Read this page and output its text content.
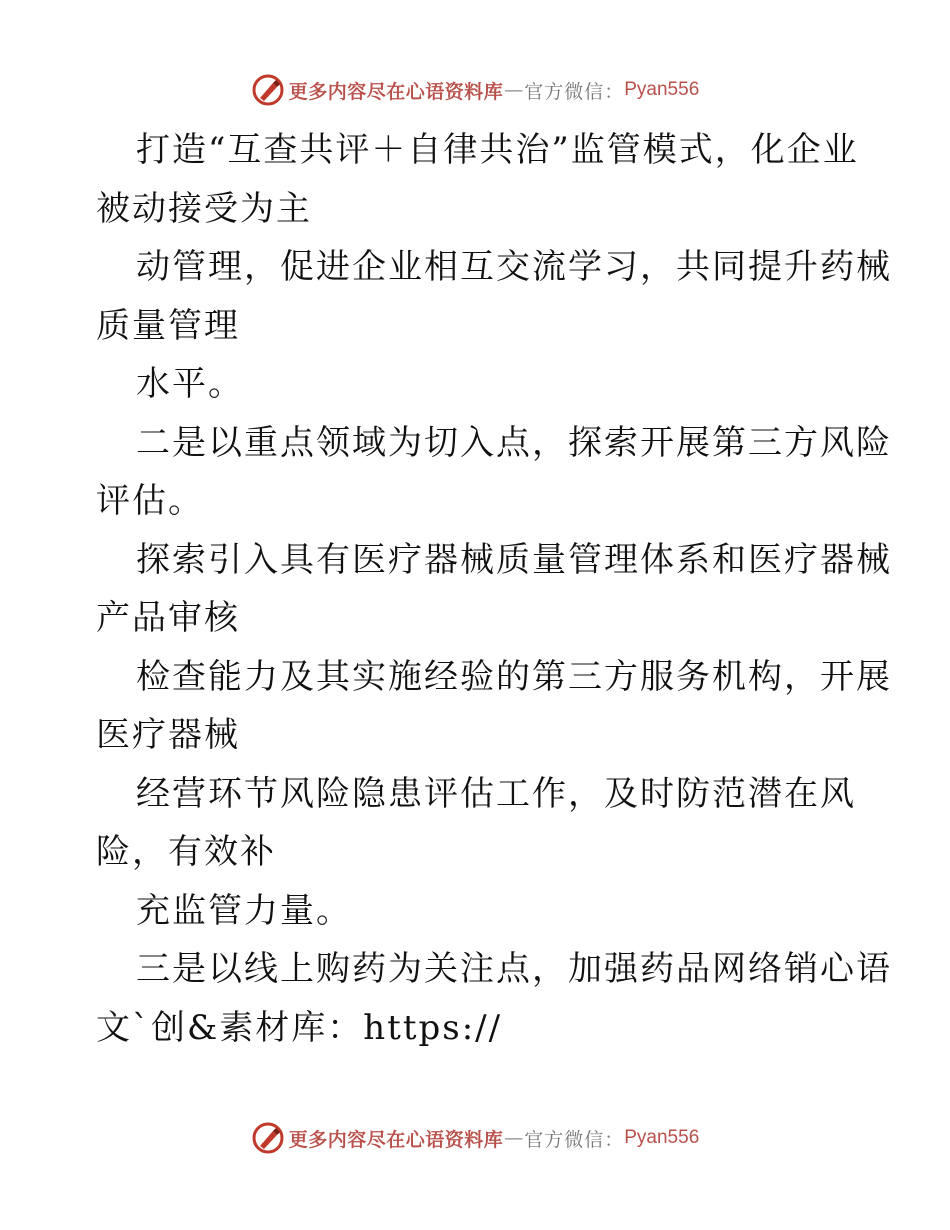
更多内容尽在心语资料库 — 官方微信： Pyan556
打造“互查共评＋自律共治”监管模式，化企业
被动接受为主
动管理，促进企业相互交流学习，共同提升药械
质量管理
水平。
二是以重点领域为切入点，探索开展第三方风险
评估。
探索引入具有医疗器械质量管理体系和医疗器械
产品审核
检查能力及其实施经验的第三方服务机构，开展
医疗器械
经营环节风险隐患评估工作，及时防范潜在风
险，有效补
充监管力量。
三是以线上购药为关注点，加强药品网络销心语
文`创&素材库：https://
更多内容尽在心语资料库 — 官方微信： Pyan556
